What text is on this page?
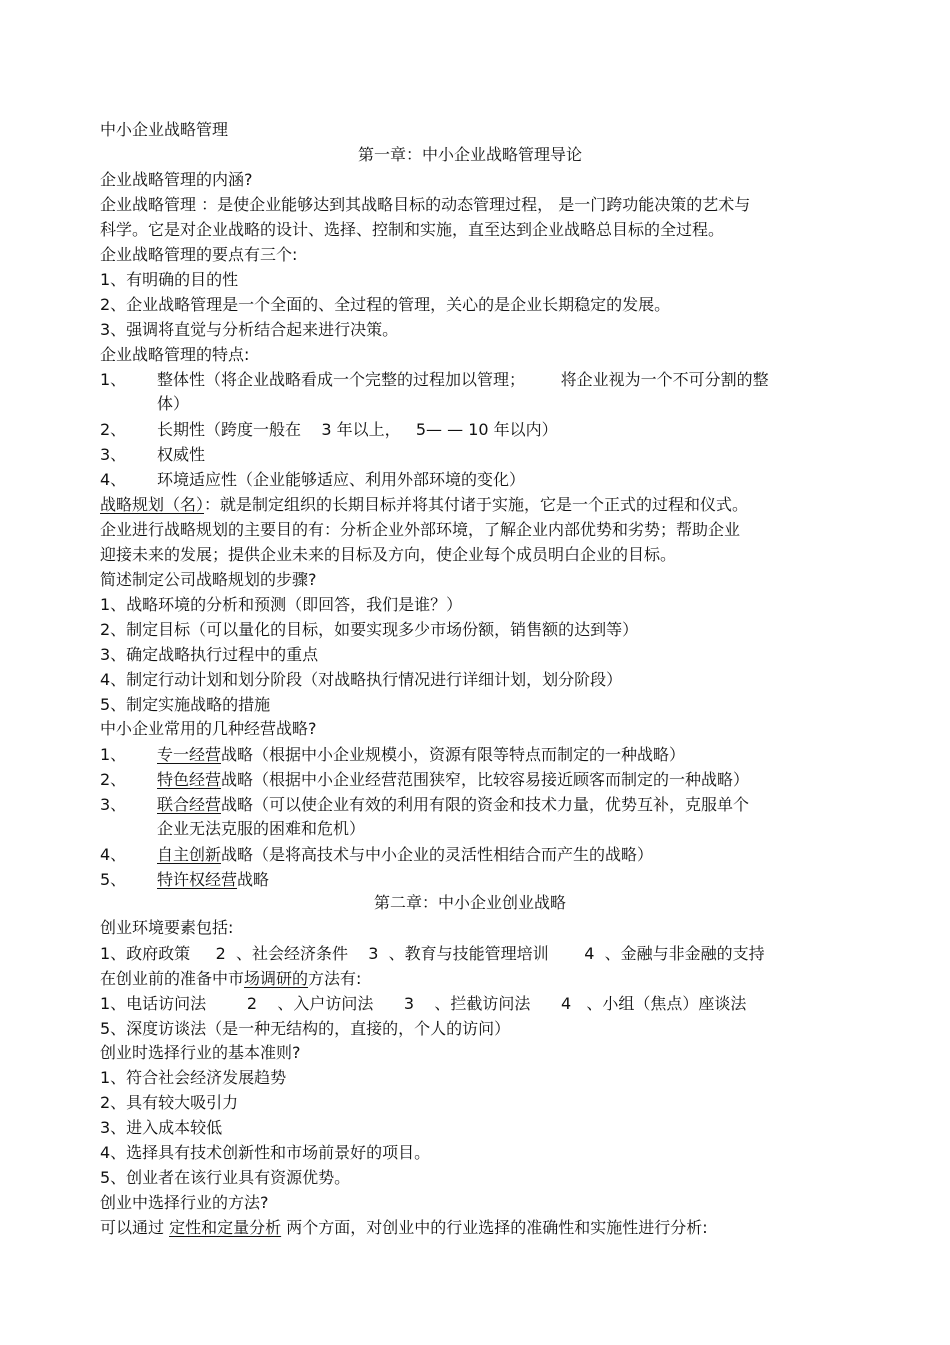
中小企业战略管理
第一章：中小企业战略管理导论
企业战略管理的内涵?
企业战略管理 ：是使企业能够达到其战略目标的动态管理过程， 是一门跨功能决策的艺术与
科学。它是对企业战略的设计、选择、控制和实施，直至达到企业战略总目标的全过程。
企业战略管理的要点有三个:
1、有明确的目的性
2、企业战略管理是一个全面的、全过程的管理，关心的是企业长期稳定的发展。
3、强调将直觉与分析结合起来进行决策。
企业战略管理的特点:
1、 整体性（将企业战略看成一个完整的过程加以管理；       将企业视为一个不可分割的整
体）
2、 长期性（跨度一般在    3 年以上，   5— — 10 年以内）
3、 权威性
4、 环境适应性（企业能够适应、利用外部环境的变化）
战略规划（名）：就是制定组织的长期目标并将其付诸于实施，它是一个正式的过程和仪式。
企业进行战略规划的主要目的有：分析企业外部环境，了解企业内部优势和劣势；帮助企业
迎接未来的发展；提供企业未来的目标及方向，使企业每个成员明白企业的目标。
简述制定公司战略规划的步骤?
1、战略环境的分析和预测（即回答，我们是谁？）
2、制定目标（可以量化的目标，如要实现多少市场份额，销售额的达到等）
3、确定战略执行过程中的重点
4、制定行动计划和划分阶段（对战略执行情况进行详细计划，划分阶段）
5、制定实施战略的措施
中小企业常用的几种经营战略?
1、 专一经营战略（根据中小企业规模小，资源有限等特点而制定的一种战略）
2、 特色经营战略（根据中小企业经营范围狭窄，比较容易接近顾客而制定的一种战略）
3、 联合经营战略（可以使企业有效的利用有限的资金和技术力量，优势互补，克服单个
企业无法克服的困难和危机）
4、 自主创新战略（是将高技术与中小企业的灵活性相结合而产生的战略）
5、 特许权经营战略
第二章：中小企业创业战略
创业环境要素包括:
1、政府政策     2  、社会经济条件    3  、教育与技能管理培训       4  、金融与非金融的支持
在创业前的准备中市场调研的方法有:
1、电话访问法        2    、入户访问法      3    、拦截访问法      4   、小组（焦点）座谈法
5、深度访谈法（是一种无结构的，直接的，个人的访问）
创业时选择行业的基本准则?
1、符合社会经济发展趋势
2、具有较大吸引力
3、进入成本较低
4、选择具有技术创新性和市场前景好的项目。
5、创业者在该行业具有资源优势。
创业中选择行业的方法?
可以通过 定性和定量分析 两个方面，对创业中的行业选择的准确性和实施性进行分析:
